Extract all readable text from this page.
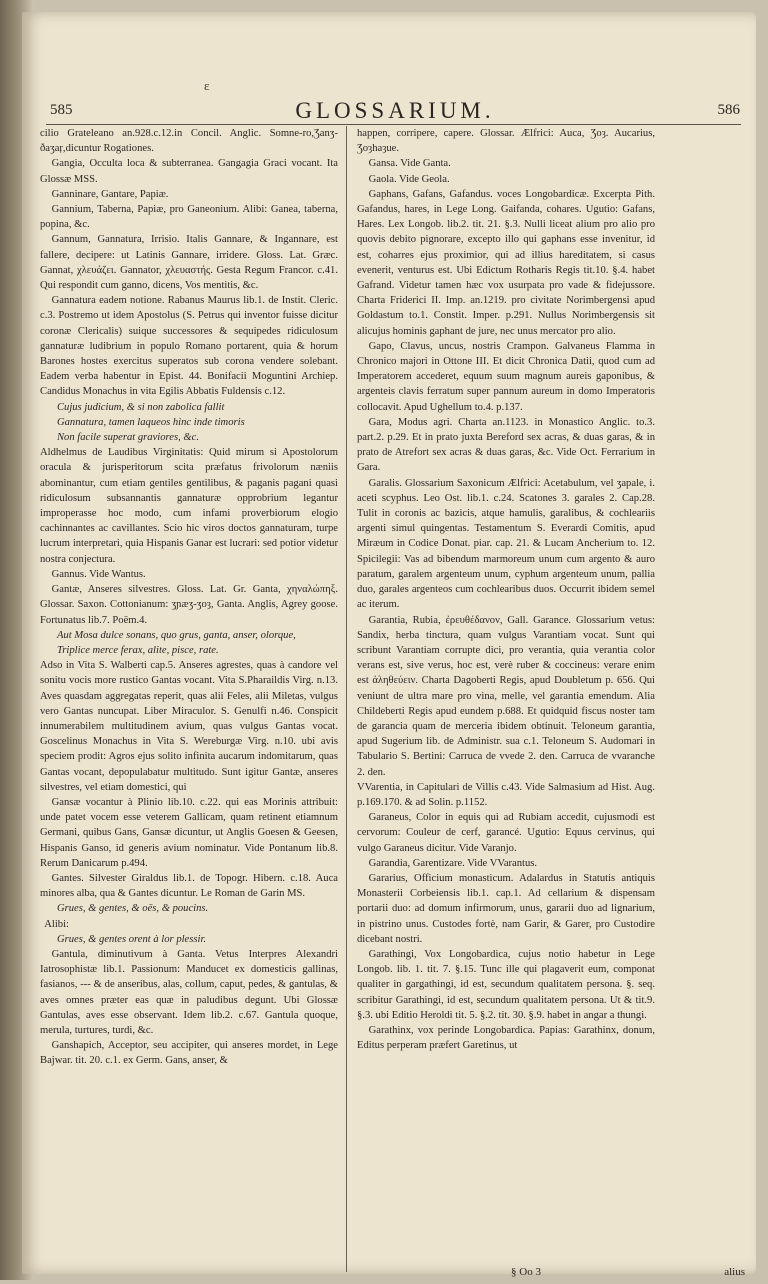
ε
585	GLOSSARIUM.	586

cilio Grateleano an.928.c.12.in Concil. Anglic. Somne-ro,Ʒanʒ-ðaʒaŗ,dicuntur Rogationes.

Gangia, Occulta loca & subterranea. Gangagia Graci vocant. Ita Glossæ MSS.

Ganninare, Gantare, Papiæ.

Gannium, Taberna, Papiæ, pro Ganeonium. Alibi: Ganea, taberna, popina, &c.

Gannum, Gannatura, Irrisio. Italis Gannare, & Ingannare, est fallere, decipere: ut Latinis Gannare, irridere. Gloss. Lat. Græc. Gannat, χλευάζει. Gannator, χλευαστής. Gesta Regum Francor. c.41. Qui respondit cum ganno, dicens, Vos mentitis, &c.

Gannatura eadem notione. Rabanus Maurus lib.1. de Instit. Cleric. c.3. Postremo ut idem Apostolus (S. Petrus qui inventor fuisse dicitur coronæ Clericalis) suique successores & sequipedes ridiculosum gannaturæ ludibrium in populo Romano portarent, quia & horum Barones hostes exercitus superatos sub corona vendere solebant. Eadem verba habentur in Epist. 44. Bonifacii Moguntini Archiep. Candidus Monachus in vita Egilis Abbatis Fuldensis c.12.

Cujus judicium, & si non zabolica fallit

Gannatura, tamen laqueos hinc inde timoris

Non facile superat graviores, &c.

Aldhelmus de Laudibus Virginitatis: Quid mirum si Apostolorum oracula & jurisperitorum scita præfatus frivolorum næniis abominantur, cum etiam gentiles gentilibus, & paganis pagani quasi ridiculosum subsannantis gannaturæ opprobrium legantur improperasse hoc modo, cum infami proverbiorum elogio cachinnantes ac cavillantes. Scio hic viros doctos gannaturam, turpe lucrum interpretari, quia Hispanis Ganar est lucrari: sed potior videtur nostra conjectura.

Gannus. Vide Wantus.

Gantæ, Anseres silvestres. Gloss. Lat. Gr. Ganta, χηναλώπηξ. Glossar. Saxon. Cottonianum: ʒɲæʒ-ʒoȝ, Ganta. Anglis, Agrey goose. Fortunatus lib.7. Poëm.4.

Aut Mosa dulce sonans, quo grus, ganta, anser, olorque,

Triplice merce ferax, alite, pisce, rate.

Adso in Vita S. Walberti cap.5. Anseres agrestes, quas à candore vel sonitu vocis more rustico Gantas vocant. Vita S.Pharaildis Virg. n.13. Aves quasdam aggregatas reperit, quas alii Feles, alii Miletas, vulgus vero Gantas nuncupat. Liber Miraculor. S. Genulfi n.46. Conspicit innumerabilem multitudinem avium, quas vulgus Gantas vocat. Goscelinus Monachus in Vita S. Wereburgæ Virg. n.10. ubi avis speciem prodit: Agros ejus solito infinita aucarum indomitarum, quas Gantas vocant, depopulabatur multitudo. Sunt igitur Gantæ, anseres silvestres, vel etiam domestici, qui

Gansæ vocantur à Plinio lib.10. c.22. qui eas Morinis attribuit: unde patet vocem esse veterem Gallicam, quam retinent etiamnum Germani, quibus Gans, Gansæ dicuntur, ut Anglis Goesen & Geesen, Hispanis Ganso, id generis avium nominatur. Vide Pontanum lib.8. Rerum Danicarum p.494.

Gantes. Silvester Giraldus lib.1. de Topogr. Hibern. c.18. Auca minores alba, qua & Gantes dicuntur. Le Roman de Garin MS.

Grues, & gentes, & oës, & poucins.

Alibi:

Grues, & gentes orent à lor plessir.

Gantula, diminutivum à Ganta. Vetus Interpres Alexandri Iatrosophistæ lib.1. Passionum: Manducet ex domesticis gallinas, fasianos, --- & de anseribus, alas, collum, caput, pedes, & gantulas, & aves omnes præter eas quæ in paludibus degunt. Ubi Glossæ Gantulas, aves esse observant. Idem lib.2. c.67. Gantula quoque, merula, turtures, turdi, &c.

Ganshapich, Acceptor, seu accipiter, qui anseres mordet, in Lege Bajwar. tit. 20. c.1. ex Germ. Gans, anser, &

happen, corripere, capere. Glossar. Ælfrici: Auca, Ʒoȝ. Aucarius, Ʒoȝhaȝue.

Gansa. Vide Ganta.

Gaola. Vide Geola.

Gaphans, Gafans, Gafandus. voces Longobardicæ. Excerpta Pith. Gafandus, hares, in Lege Long. Gaifanda, cohares. Ugutio: Gafans, Hares. Lex Longob. lib.2. tit. 21. §.3. Nulli liceat alium pro alio pro quovis debito pignorare, excepto illo qui gaphans esse invenitur, id est, coharres ejus proximior, qui ad illius hareditatem, si casus evenerit, venturus est. Ubi Edictum Rotharis Regis tit.10. §.4. habet Gafrand. Videtur tamen hæc vox usurpata pro vade & fidejussore. Charta Friderici II. Imp. an.1219. pro civitate Norimbergensi apud Goldastum to.1. Constit. Imper. p.291. Nullus Norimbergensis sit alicujus hominis gaphant de jure, nec unus mercator pro alio.

Gapo, Clavus, uncus, nostris Crampon. Galvaneus Flamma in Chronico majori in Ottone III. Et dicit Chronica Datii, quod cum ad Imperatorem accederet, equum suum magnum aureis gaponibus, & argenteis clavis ferratum super pannum aureum in domo Imperatoris collocavit. Apud Ughellum to.4. p.137.

Gara, Modus agri. Charta an.1123. in Monastico Anglic. to.3. part.2. p.29. Et in prato juxta Bereford sex acras, & duas garas, & in prato de Atrefort sex acras & duas garas, &c. Vide Oct. Ferrarium in Gara.

Garalis. Glossarium Saxonicum Ælfrici: Acetabulum, vel ʒapale, i. aceti scyphus. Leo Ost. lib.1. c.24. Scatones 3. garales 2. Cap.28. Tulit in coronis ac bazicis, atque hamulis, garalibus, & cochleariis argenti simul quingentas. Testamentum S. Everardi Comitis, apud Miræum in Codice Donat. piar. cap. 21. & Lucam Ancherium to. 12. Spicilegii: Vas ad bibendum marmoreum unum cum argento & auro paratum, garalem argenteum unum, cyphum argenteum unum, pallia duo, garales argenteos cum cochlearibus duos. Occurrit ibidem semel ac iterum.

Garantia, Rubia, ἐρευθέδανον, Gall. Garance. Glossarium vetus: Sandix, herba tinctura, quam vulgus Varantiam vocat. Sunt qui scribunt Varantiam corrupte dici, pro verantia, quia verantia color verans est, sive verus, hoc est, verè ruber & coccineus: verare enim est ἀληθεύειν. Charta Dagoberti Regis, apud Doubletum p. 656. Qui veniunt de ultra mare pro vina, melle, vel garantia emendum. Alia Childeberti Regis apud eundem p.688. Et quidquid fiscus noster tam de garancia quam de merceria ibidem obtinuit. Teloneum garantia, apud Sugerium lib. de Administr. sua c.1. Teloneum S. Audomari in Tabulario S. Bertini: Carruca de vvede 2. den. Carruca de vvaranche 2. den.

VVarentia, in Capitulari de Villis c.43. Vide Salmasium ad Hist. Aug. p.169.170. & ad Solin. p.1152.

Garaneus, Color in equis qui ad Rubiam accedit, cujusmodi est cervorum: Couleur de cerf, garancé. Ugutio: Equus cervinus, qui vulgo Garaneus dicitur. Vide Varanjo.

Garandia, Garentizare. Vide VVarantus.

Gararius, Officium monasticum. Adalardus in Statutis antiquis Monasterii Corbeiensis lib.1. cap.1. Ad cellarium & dispensam portarii duo: ad domum infirmorum, unus, gararii duo ad lignarium, in pistrino unus. Custodes fortè, nam Garir, & Garer, pro Custodire dicebant nostri.

Garathingi, Vox Longobardica, cujus notio habetur in Lege Longob. lib. 1. tit. 7. §.15. Tunc ille qui plagaverit eum, componat qualiter in gargathingi, id est, secundum qualitatem persona. §. seq. scribitur Garathingi, id est, secundum qualitatem persona. Ut & tit.9. §.3. ubi Editio Heroldi tit. 5. §.2. tit. 30. §.9. habet in angar a thungi.

Garathinx, vox perinde Longobardica. Papias: Garathinx, donum, Editus perperam præfert Garetinus, ut

§ Oo 3	alius
